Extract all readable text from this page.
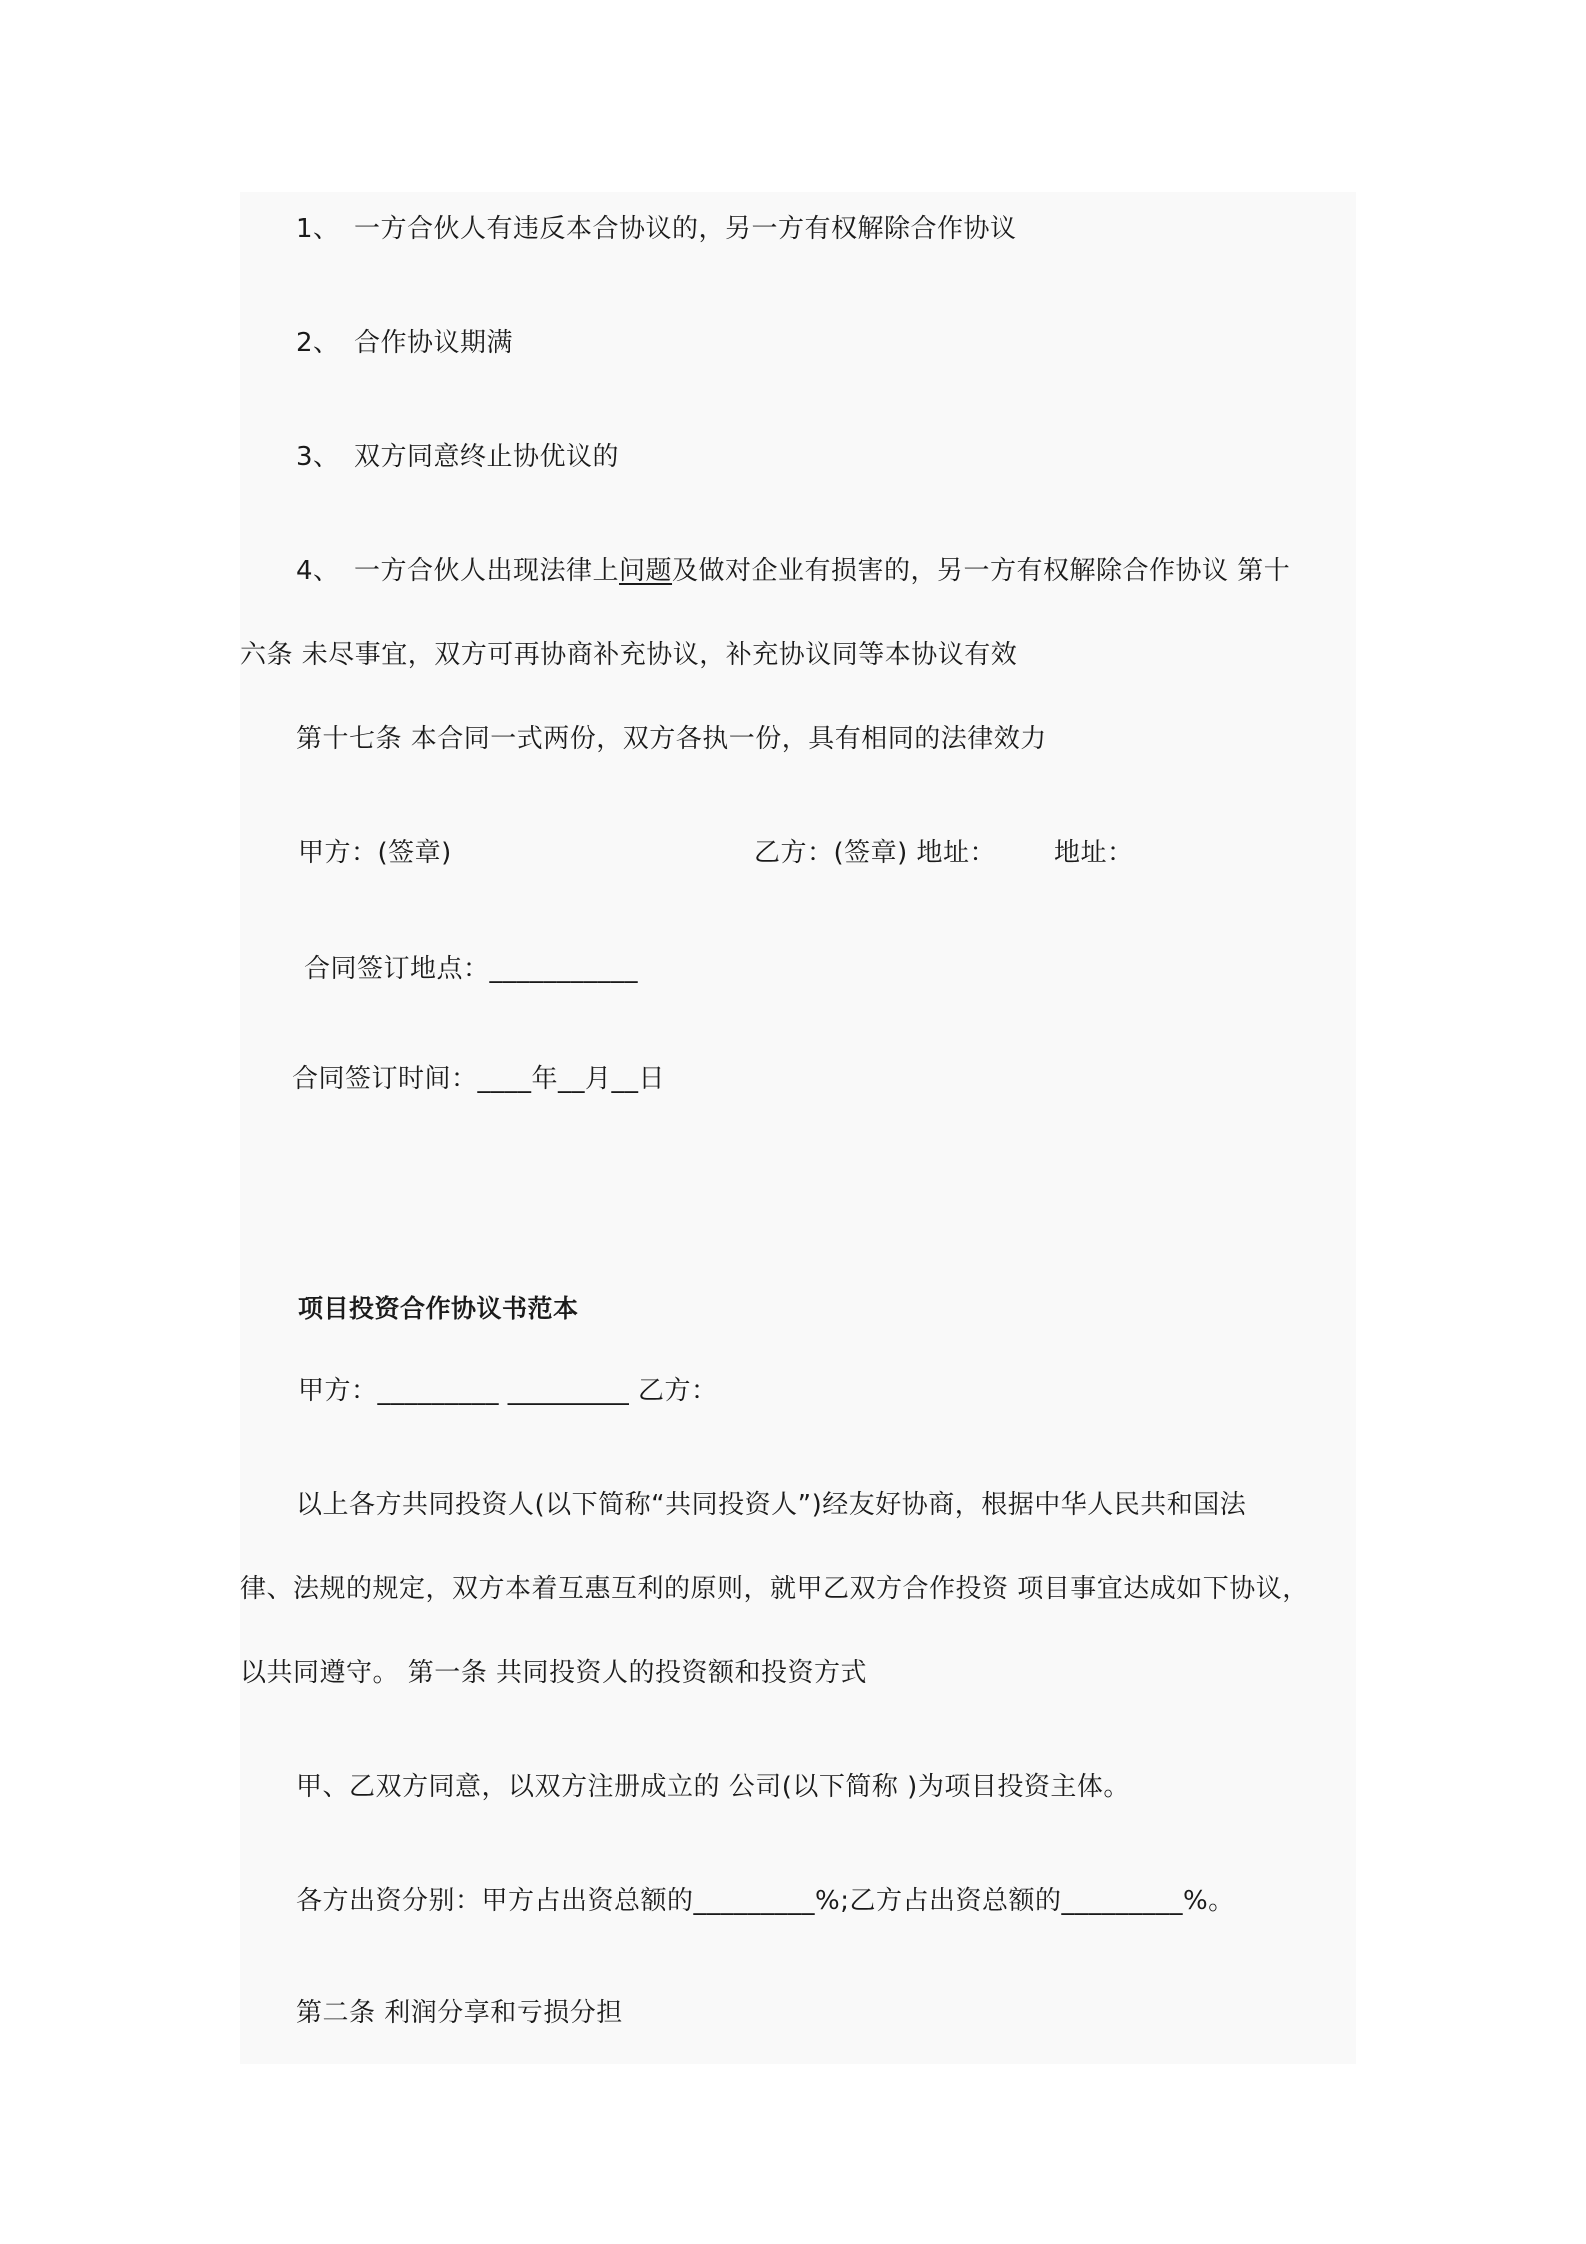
1、 一方合伙人有违反本合协议的，另一方有权解除合作协议
2、 合作协议期满
3、 双方同意终止协优议的
4、 一方合伙人出现法律上问题及做对企业有损害的，另一方有权解除合作协议 第十
六条 未尽事宜，双方可再协商补充协议，补充协议同等本协议有效
第十七条 本合同一式两份，双方各执一份，具有相同的法律效力
甲方：(签章)	乙方：(签章) 地址： 地址：
合同签订地点：___________
合同签订时间：____年__月__日
项目投资合作协议书范本
甲方：_________ _________ 乙方：
以上各方共同投资人(以下简称“共同投资人”)经友好协商，根据中华人民共和国法
律、法规的规定，双方本着互惠互利的原则，就甲乙双方合作投资 项目事宜达成如下协议，
以共同遵守。 第一条 共同投资人的投资额和投资方式
甲、乙双方同意，以双方注册成立的 公司(以下简称 )为项目投资主体。
各方出资分别：甲方占出资总额的_________%;乙方占出资总额的_________%。
第二条 利润分享和亏损分担
